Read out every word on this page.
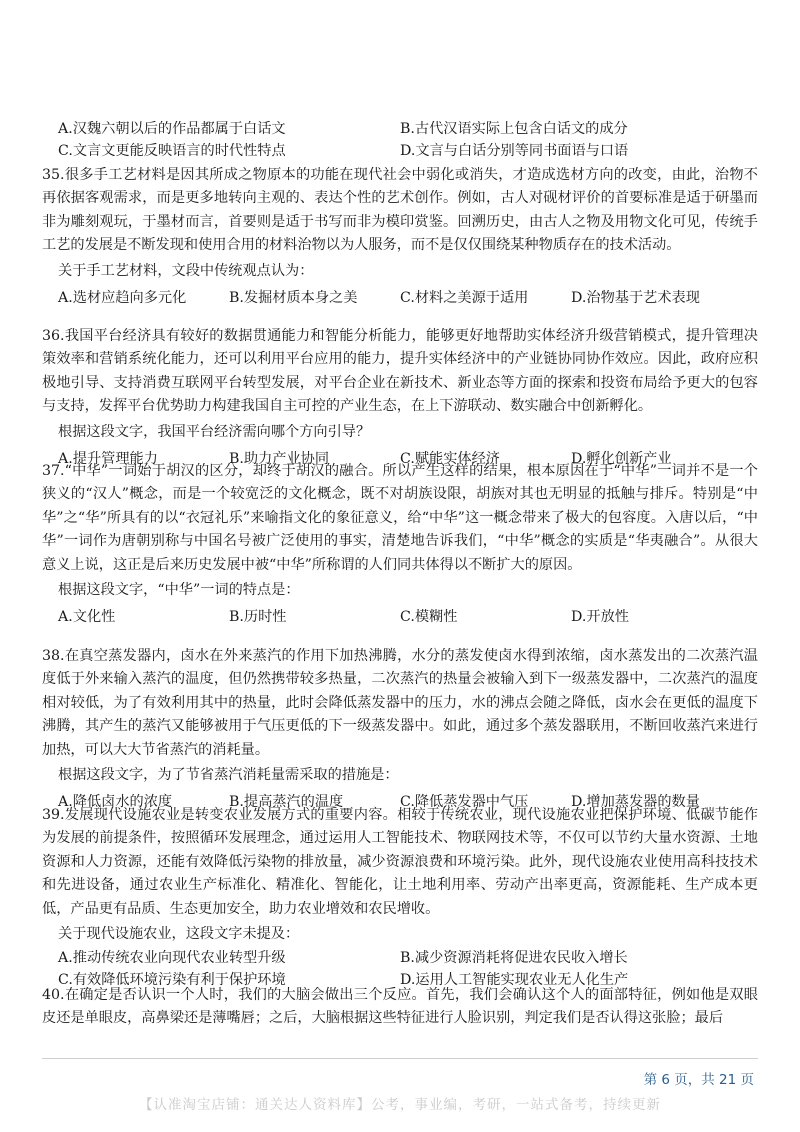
A.汉魏六朝以后的作品都属于白话文	B.古代汉语实际上包含白话文的成分
C.文言文更能反映语言的时代性特点	D.文言与白话分别等同书面语与口语
35.很多手工艺材料是因其所成之物原本的功能在现代社会中弱化或消失，才造成选材方向的改变，由此，治物不再依据客观需求，而是更多地转向主观的、表达个性的艺术创作。例如，古人对砚材评价的首要标准是适于研墨而非为雕刻观玩，于墨材而言，首要则是适于书写而非为模印赏鉴。回溯历史，由古人之物及用物文化可见，传统手工艺的发展是不断发现和使用合用的材料治物以为人服务，而不是仅仅围绕某种物质存在的技术活动。
关于手工艺材料，文段中传统观点认为：
A.选材应趋向多元化	B.发掘材质本身之美	C.材料之美源于适用	D.治物基于艺术表现
36.我国平台经济具有较好的数据贯通能力和智能分析能力，能够更好地帮助实体经济升级营销模式，提升管理决策效率和营销系统化能力，还可以利用平台应用的能力，提升实体经济中的产业链协同协作效应。因此，政府应积极地引导、支持消费互联网平台转型发展，对平台企业在新技术、新业态等方面的探索和投资布局给予更大的包容与支持，发挥平台优势助力构建我国自主可控的产业生态，在上下游联动、数实融合中创新孵化。
根据这段文字，我国平台经济需向哪个方向引导？
A.提升管理能力	B.助力产业协同	C.赋能实体经济	D.孵化创新产业
37.“中华”一词始于胡汉的区分，却终于胡汉的融合。所以产生这样的结果，根本原因在于“中华”一词并不是一个狭义的“汉人”概念，而是一个较宽泛的文化概念，既不对胡族设限，胡族对其也无明显的抵触与排斥。特别是“中华”之“华”所具有的以“衣冠礼乐”来喻指文化的象征意义，给“中华”这一概念带来了极大的包容度。入唐以后，“中华”一词作为唐朝别称与中国名号被广泛使用的事实，清楚地告诉我们，“中华”概念的实质是“华夷融合”。从很大意义上说，这正是后来历史发展中被“中华”所称谓的人们同共体得以不断扩大的原因。
根据这段文字，“中华”一词的特点是：
A.文化性	B.历时性	C.模糊性	D.开放性
38.在真空蒸发器内，卤水在外来蒸汽的作用下加热沸腾，水分的蒸发使卤水得到浓缩，卤水蒸发出的二次蒸汽温度低于外来输入蒸汽的温度，但仍然携带较多热量，二次蒸汽的热量会被输入到下一级蒸发器中，二次蒸汽的温度相对较低，为了有效利用其中的热量，此时会降低蒸发器中的压力，水的沸点会随之降低，卤水会在更低的温度下沸腾，其产生的蒸汽又能够被用于气压更低的下一级蒸发器中。如此，通过多个蒸发器联用，不断回收蒸汽来进行加热，可以大大节省蒸汽的消耗量。
根据这段文字，为了节省蒸汽消耗量需采取的措施是：
A.降低卤水的浓度	B.提高蒸汽的温度	C.降低蒸发器中气压	D.增加蒸发器的数量
39.发展现代设施农业是转变农业发展方式的重要内容。相较于传统农业，现代设施农业把保护环境、低碳节能作为发展的前提条件，按照循环发展理念，通过运用人工智能技术、物联网技术等，不仅可以节约大量水资源、土地资源和人力资源，还能有效降低污染物的排放量，减少资源浪费和环境污染。此外，现代设施农业使用高科技技术和先进设备，通过农业生产标准化、精准化、智能化，让土地利用率、劳动产出率更高，资源能耗、生产成本更低，产品更有品质、生态更加安全，助力农业增效和农民增收。
关于现代设施农业，这段文字未提及：
A.推动传统农业向现代农业转型升级	B.减少资源消耗将促进农民收入增长
C.有效降低环境污染有利于保护环境	D.运用人工智能实现农业无人化生产
40.在确定是否认识一个人时，我们的大脑会做出三个反应。首先，我们会确认这个人的面部特征，例如他是双眼皮还是单眼皮，高鼻梁还是薄嘴唇；之后，大脑根据这些特征进行人脸识别，判定我们是否认得这张脸；最后
第 6 页，共 21 页
【认准淘宝店铺：通关达人资料库】公考，事业编，考研，一站式备考，持续更新
